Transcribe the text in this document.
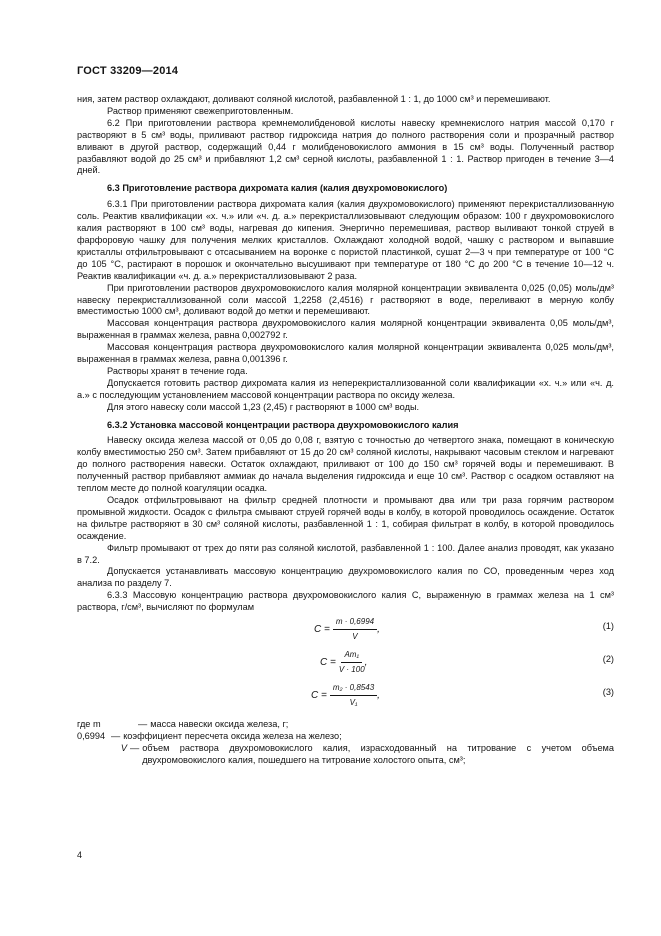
ГОСТ 33209—2014

ния, затем раствор охлаждают, доливают соляной кислотой, разбавленной 1 : 1, до 1000 см³ и перемешивают.

Раствор применяют свежеприготовленным.

6.2 При приготовлении раствора кремнемолибденовой кислоты навеску кремнекислого натрия массой 0,170 г растворяют в 5 см³ воды, приливают раствор гидроксида натрия до полного растворения соли и прозрачный раствор вливают в другой раствор, содержащий 0,44 г молибденовокислого аммония в 15 см³ воды. Полученный раствор разбавляют водой до 25 см³ и прибавляют 1,2 см³ серной кислоты, разбавленной 1 : 1. Раствор пригоден в течение 3—4 дней.

6.3 Приготовление раствора дихромата калия (калия двухромовокислого)

6.3.1 При приготовлении раствора дихромата калия (калия двухромовокислого) применяют перекристаллизованную соль. Реактив квалификации «х. ч.» или «ч. д. а.» перекристаллизовывают следующим образом: 100 г двухромовокислого калия растворяют в 100 см³ воды, нагревая до кипения. Энергично перемешивая, раствор выливают тонкой струей в фарфоровую чашку для получения мелких кристаллов. Охлаждают холодной водой, чашку с раствором и выпавшие кристаллы отфильтровывают с отсасыванием на воронке с пористой пластинкой, сушат 2—3 ч при температуре от 100 °С до 105 °С, растирают в порошок и окончательно высушивают при температуре от 180 °С до 200 °С в течение 10—12 ч. Реактив квалификации «ч. д. а.» перекристаллизовывают 2 раза.

При приготовлении растворов двухромовокислого калия молярной концентрации эквивалента 0,025 (0,05) моль/дм³ навеску перекристаллизованной соли массой 1,2258 (2,4516) г растворяют в воде, переливают в мерную колбу вместимостью 1000 см³, доливают водой до метки и перемешивают.

Массовая концентрация раствора двухромовокислого калия молярной концентрации эквивалента 0,05 моль/дм³, выраженная в граммах железа, равна 0,002792 г.

Массовая концентрация раствора двухромовокислого калия молярной концентрации эквивалента 0,025 моль/дм³, выраженная в граммах железа, равна 0,001396 г.

Растворы хранят в течение года.

Допускается готовить раствор дихромата калия из неперекристаллизованной соли квалификации «х. ч.» или «ч. д. а.» с последующим установлением массовой концентрации раствора по оксиду железа.

Для этого навеску соли массой 1,23 (2,45) г растворяют в 1000 см³ воды.

6.3.2 Установка массовой концентрации раствора двухромовокислого калия

Навеску оксида железа массой от 0,05 до 0,08 г, взятую с точностью до четвертого знака, помещают в коническую колбу вместимостью 250 см³. Затем прибавляют от 15 до 20 см³ соляной кислоты, накрывают часовым стеклом и нагревают до полного растворения навески. Остаток охлаждают, приливают от 100 до 150 см³ горячей воды и перемешивают. В полученный раствор прибавляют аммиак до начала выделения гидроксида и еще 10 см³. Раствор с осадком оставляют на теплом месте до полной коагуляции осадка.

Осадок отфильтровывают на фильтр средней плотности и промывают два или три раза горячим раствором промывной жидкости. Осадок с фильтра смывают струей горячей воды в колбу, в которой проводилось осаждение. Остаток на фильтре растворяют в 30 см³ соляной кислоты, разбавленной 1 : 1, собирая фильтрат в колбу, в которой проводилось осаждение.

Фильтр промывают от трех до пяти раз соляной кислотой, разбавленной 1 : 100. Далее анализ проводят, как указано в 7.2.

Допускается устанавливать массовую концентрацию двухромовокислого калия по СО, проведенным через ход анализа по разделу 7.

6.3.3 Массовую концентрацию раствора двухромовокислого калия С, выраженную в граммах железа на 1 см³ раствора, г/см³, вычисляют по формулам

$C = \frac{m \cdot 0,6994}{V}$ ,	(1)
$C = \frac{\text{Am₁}}{V \cdot 100}$ ,	(2)
$C = \frac{\text{m₂ · 0,8543}}{\text{V₁}}$ ,	(3)
где m	— масса навески оксида железа, г;
0,6994 — коэффициент пересчета оксида железа на железо;
V — объем раствора двухромовокислого калия, израсходованный на титрование с учетом объема двухромовокислого калия, пошедшего на титрование холостого опыта, см³;
4
